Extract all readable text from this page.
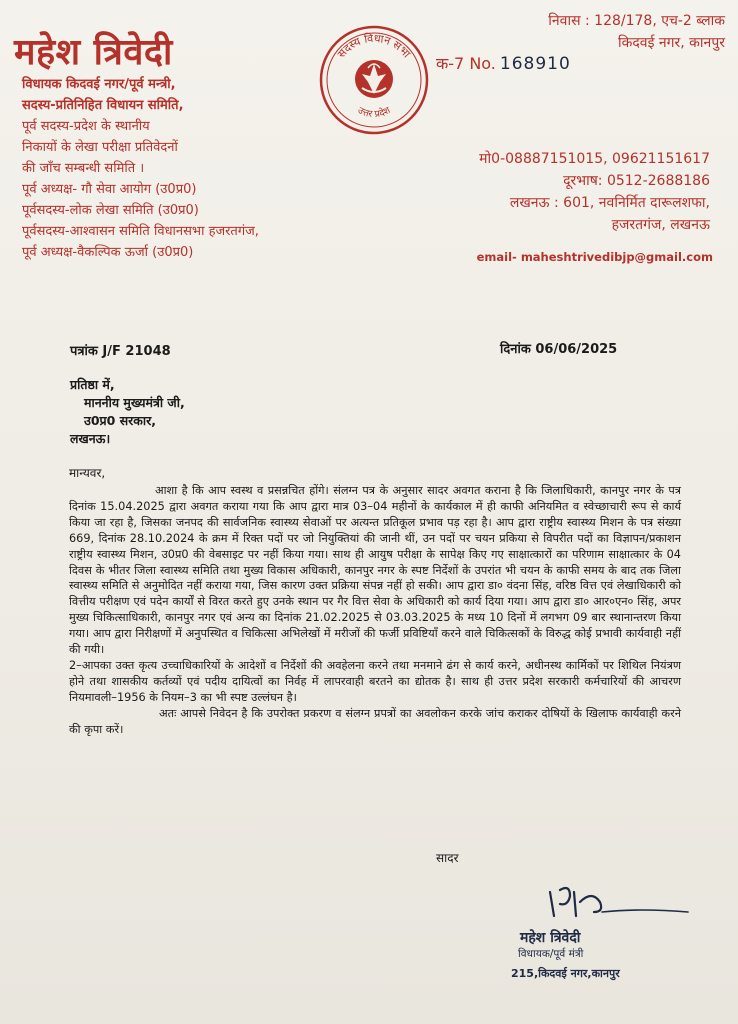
महेश त्रिवेदी
विधायक किदवई नगर/पूर्व मन्त्री,
सदस्य-प्रतिनिहित विधायन समिति,
पूर्व सदस्य-प्रदेश के स्थानीय
निकायों के लेखा परीक्षा प्रतिवेदनों
की जाँच सम्बन्धी समिति ।
पूर्व अध्यक्ष- गौ सेवा आयोग (उ0प्र0)
पूर्वसदस्य-लोक लेखा समिति (उ0प्र0)
पूर्वसदस्य-आश्वासन समिति विधानसभा हजरतगंज,
पूर्व अध्यक्ष-वैकल्पिक ऊर्जा (उ0प्र0)
सदस्य विधान सभा
उत्तर प्रदेश
निवास : 128/178, एच-2 ब्लाक
किदवई नगर, कानपुर
क-7 No. 168910
मो0-08887151015, 09621151617
दूरभाष: 0512-2688186
लखनऊ : 601, नवनिर्मित दारूलशफा,
हजरतगंज, लखनऊ
email- maheshtrivedibjp@gmail.com
पत्रांक J/F 21048	दिनांक 06/06/2025
प्रतिष्ठा में,
माननीय मुख्यमंत्री जी,
उ0प्र0 सरकार,
लखनऊ।
मान्यवर,

आशा है कि आप स्वस्थ व प्रसन्नचित होंगे। संलग्न पत्र के अनुसार सादर अवगत कराना है कि जिलाधिकारी, कानपुर नगर के पत्र दिनांक 15.04.2025 द्वारा अवगत कराया गया कि आप द्वारा मात्र 03–04 महीनों के कार्यकाल में ही काफी अनियमित व स्वेच्छाचारी रूप से कार्य किया जा रहा है, जिसका जनपद की सार्वजनिक स्वास्थ्य सेवाओं पर अत्यन्त प्रतिकूल प्रभाव पड़ रहा है। आप द्वारा राष्ट्रीय स्वास्थ्य मिशन के पत्र संख्या 669, दिनांक 28.10.2024 के क्रम में रिक्त पदों पर जो नियुक्तियां की जानी थीं, उन पदों पर चयन प्रकिया से विपरीत पदों का विज्ञापन/प्रकाशन राष्ट्रीय स्वास्थ्य मिशन, उ0प्र0 की वेबसाइट पर नहीं किया गया। साथ ही आयुष परीक्षा के सापेक्ष किए गए साक्षात्कारों का परिणाम साक्षात्कार के 04 दिवस के भीतर जिला स्वास्थ्य समिति तथा मुख्य विकास अधिकारी, कानपुर नगर के स्पष्ट निर्देशों के उपरांत भी चयन के काफी समय के बाद तक जिला स्वास्थ्य समिति से अनुमोदित नहीं कराया गया, जिस कारण उक्त प्रक्रिया संपन्न नहीं हो सकी। आप द्वारा डा० वंदना सिंह, वरिष्ठ वित्त एवं लेखाधिकारी को वित्तीय परीक्षण एवं पदेन कार्यों से विरत करते हुए उनके स्थान पर गैर वित्त सेवा के अधिकारी को कार्य दिया गया। आप द्वारा डा० आर०एन० सिंह, अपर मुख्य चिकित्साधिकारी, कानपुर नगर एवं अन्य का दिनांक 21.02.2025 से 03.03.2025 के मध्य 10 दिनों में लगभग 09 बार स्थानान्तरण किया गया। आप द्वारा निरीक्षणों में अनुपस्थित व चिकित्सा अभिलेखों में मरीजों की फर्जी प्रविष्टियाँ करने वाले चिकित्सकों के विरुद्ध कोई प्रभावी कार्यवाही नहीं की गयी।

2–आपका उक्त कृत्य उच्चाधिकारियों के आदेशों व निर्देशों की अवहेलना करने तथा मनमाने ढंग से कार्य करने, अधीनस्थ कार्मिकों पर शिथिल नियंत्रण होने तथा शासकीय कर्तव्यों एवं पदीय दायित्वों का निर्वह में लापरवाही बरतने का द्योतक है। साथ ही उत्तर प्रदेश सरकारी कर्मचारियों की आचरण नियमावली–1956 के नियम–3 का भी स्पष्ट उल्लंघन है।

अतः आपसे निवेदन है कि उपरोक्त प्रकरण व संलग्न प्रपत्रों का अवलोकन करके जांच कराकर दोषियों के खिलाफ कार्यवाही करने की कृपा करें।

सादर
महेश त्रिवेदी
विधायक/पूर्व मंत्री
215,किदवई नगर,कानपुर
